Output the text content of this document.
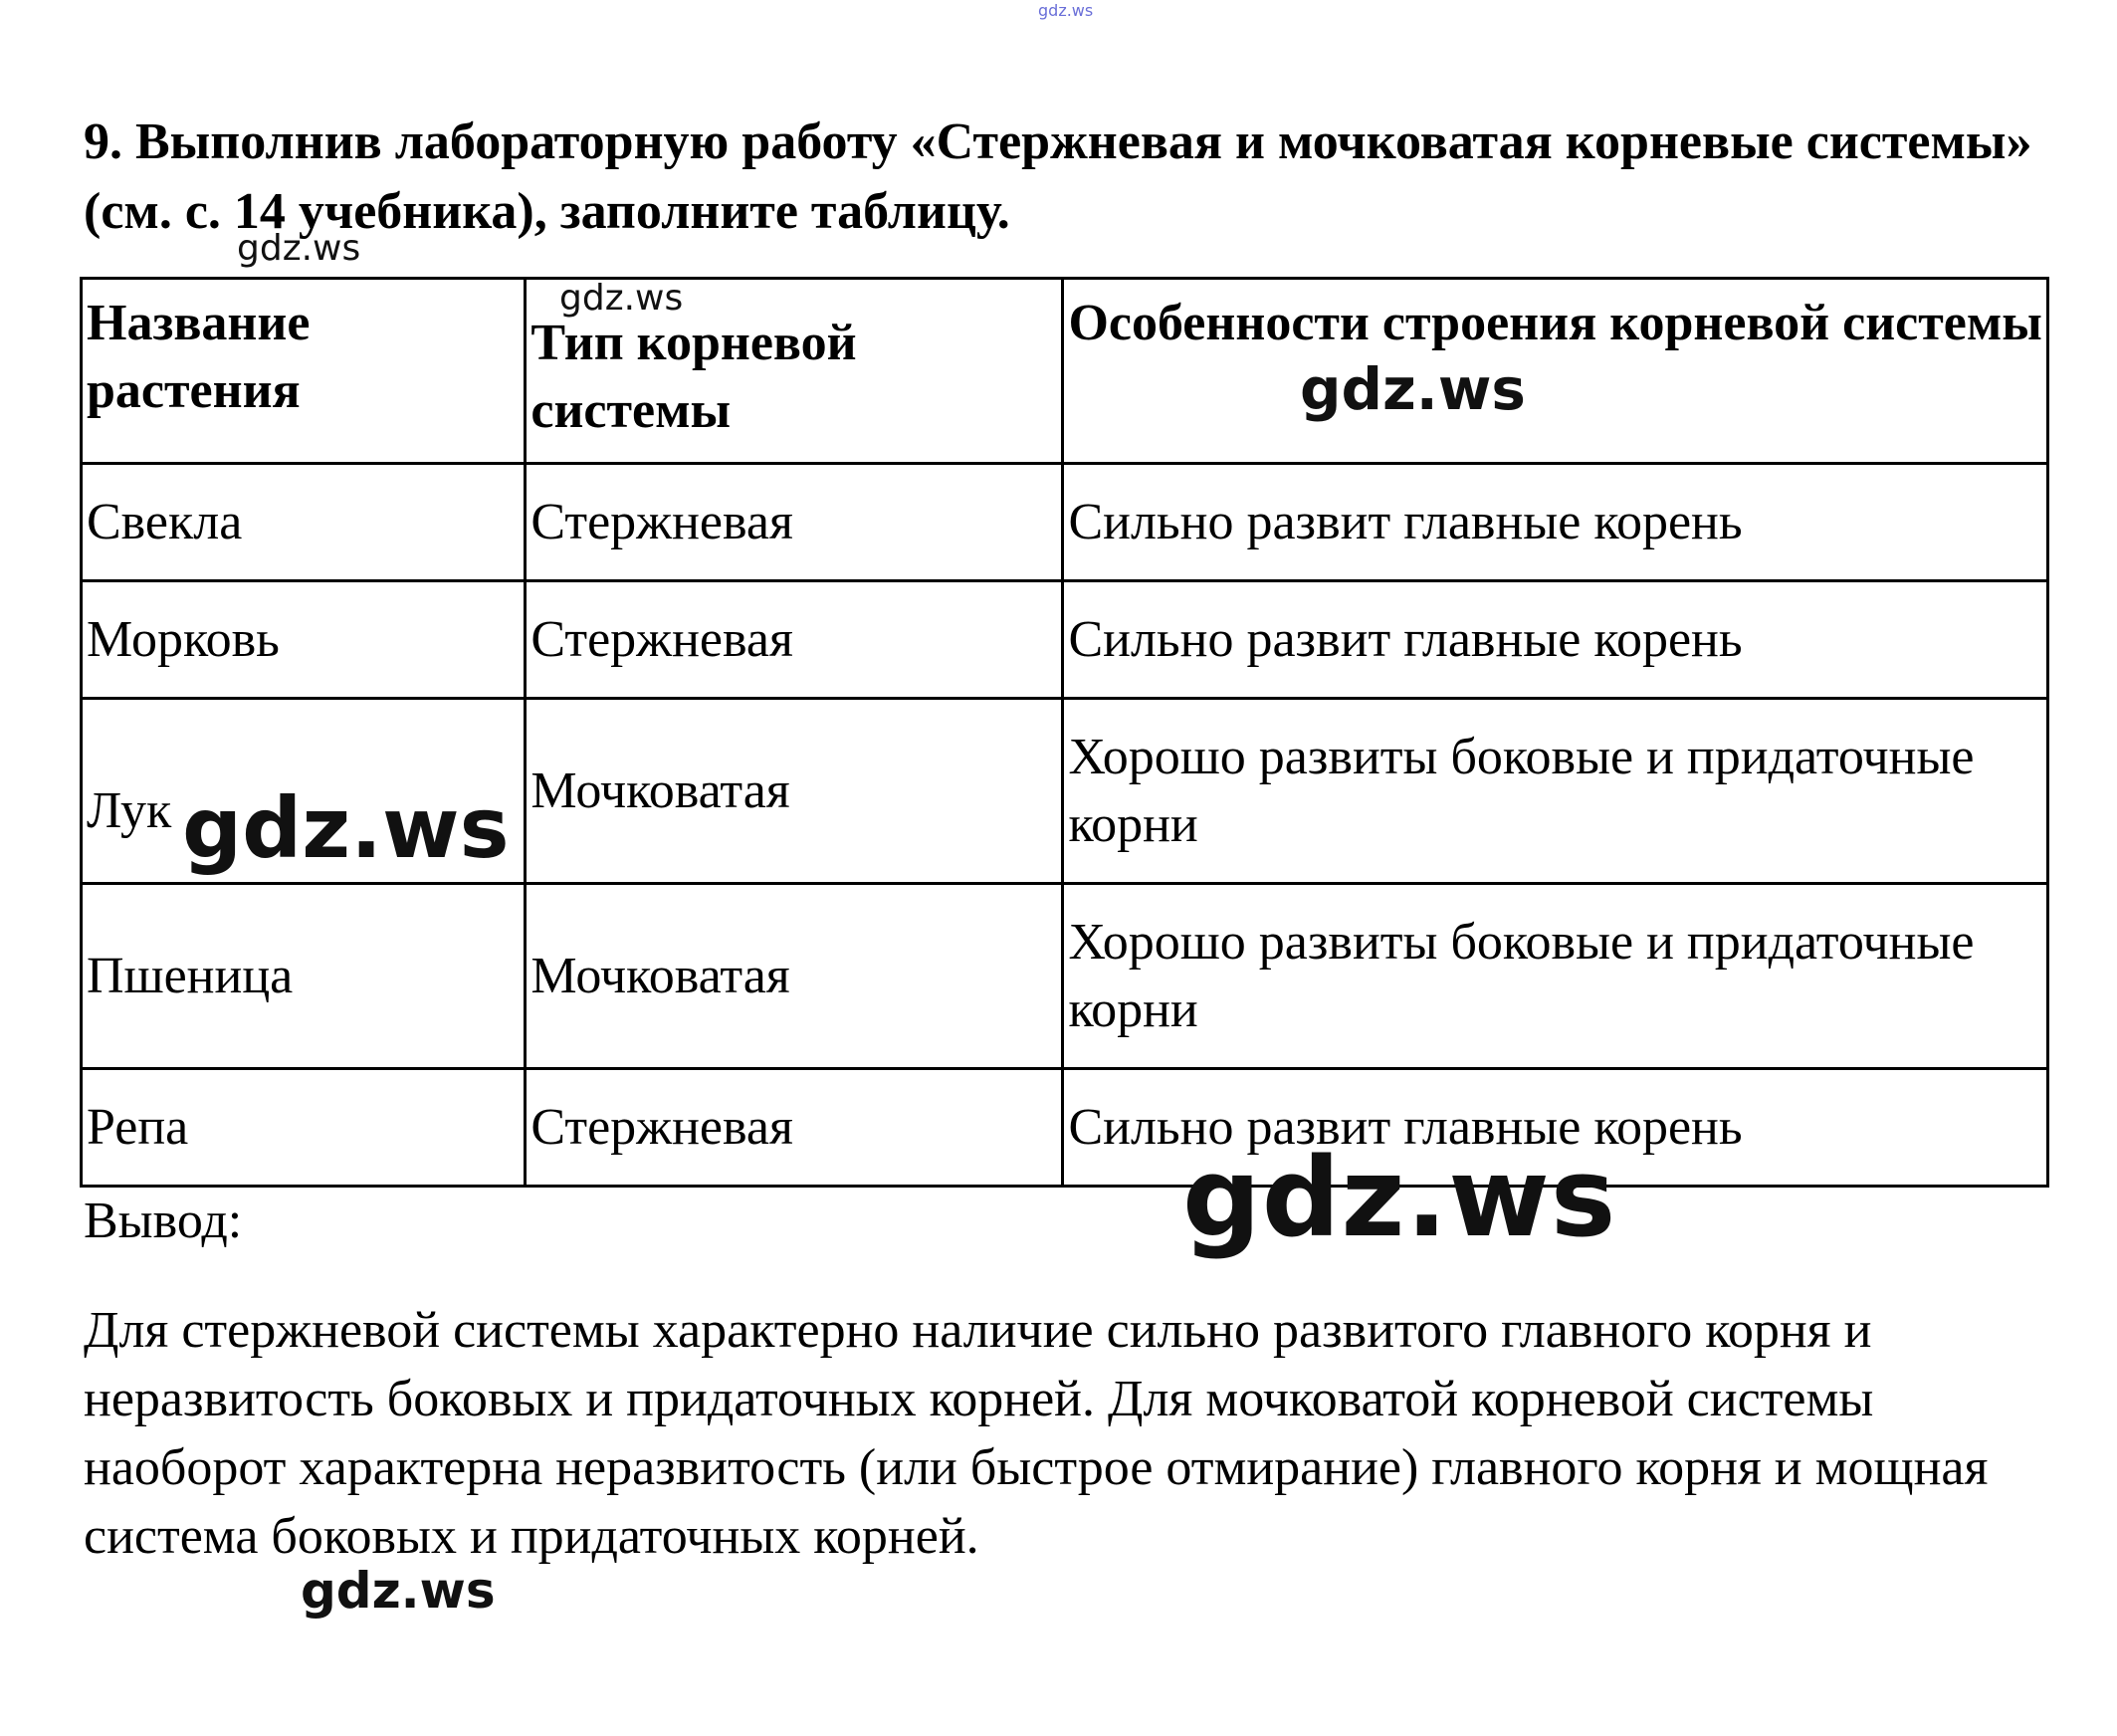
gdz.ws
9. Выполнив лабораторную работу «Стержневая и мочковатая корневые системы» (см. с. 14 учебника), заполните таблицу.
gdz.ws
Название растения	Тип корневой системы	Особенности строения корневой системы
Свекла	Стержневая	Сильно развит главные корень
Морковь	Стержневая	Сильно развит главные корень
Лук	Мочковатая	Хорошо развиты боковые и придаточные корни
Пшеница	Мочковатая	Хорошо развиты боковые и придаточные корни
Репа	Стержневая	Сильно развит главные корень
gdz.ws
gdz.ws
gdz.ws
gdz.ws
Вывод:
Для стержневой системы характерно наличие сильно развитого главного корня и неразвитость боковых и придаточных корней. Для мочковатой корневой системы наоборот характерна неразвитость (или быстрое отмирание) главного корня и мощная система боковых и придаточных корней.
gdz.ws
